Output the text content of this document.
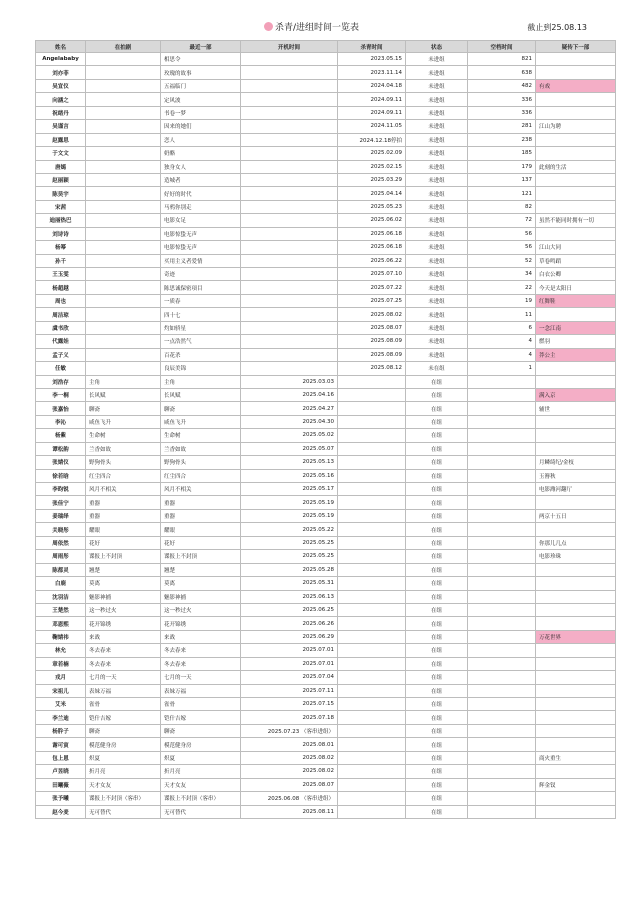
杀青/进组时间一览表	截止到25.08.13
姓名	在拍剧	最近一部	开机时间	杀青时间	状态	空档时间	疑传下一部
Angelababy		相思令		2023.05.15	未进组	821	
刘亦菲		玫瑰的故事		2023.11.14	未进组	638	
吴宣仪		五福临门		2024.04.18	未进组	482	有戏
向涵之		定风波		2024.09.11	未进组	336	
祝绪丹		书卷一梦		2024.09.11	未进组	336	
吴谨言		因来的她们		2024.11.05	未进组	281	江山为聘
赵露思		恋人		2024.12.18停拍	未进组	238	
于文文		奶酪		2025.02.09	未进组	185	
唐嫣		独身女人		2025.02.15	未进组	179	此刻的生活
赵丽颖		造城者		2025.03.29	未进组	137	
陈昊宇		好好的时代		2025.04.14	未进组	121	
宋茜		马鸦你别走		2025.05.23	未进组	82	
迪丽热巴		电影女足		2025.06.02	未进组	72	虽然不能同时拥有一切
刘诗诗		电影惊蛰无声		2025.06.18	未进组	56	
杨幂		电影惊蛰无声		2025.06.18	未进组	56	江山大同
孙千		买用主义者爱情		2025.06.22	未进组	52	草卷鸣蹈
王玉雯		奇迹		2025.07.10	未进组	34	白衣公卿
杨超越		陈思诚保密项目		2025.07.22	未进组	22	今天是太阳日
周也		一质春		2025.07.25	未进组	19	红舞鞋
周洁琼		四十七		2025.08.02	未进组	11	
虞书欣		灼如骄星		2025.08.07	未进组	6	一念江南
代露娃		一点浩然气		2025.08.09	未进组	4	燃羽
孟子义		百花杀		2025.08.09	未进组	4	莽公主
任敏		良辰美锦		2025.08.12	未在组	1	
刘浩存	主角	主角	2025.03.03		在组		
李一桐	长风赋	长风赋	2025.04.16		在组		满入京
张嘉怡	聊斋	聊斋	2025.04.27		在组		辅世
李沁	咸鱼飞升	咸鱼飞升	2025.04.30		在组		
杨紫	生命树	生命树	2025.05.02		在组		
谭松韵	兰香如故	兰香如故	2025.05.07		在组		
张婧仪	野狗骨头	野狗骨头	2025.05.13		在组		月鳞绮纪/金枝
徐若晗	红尘四合	红尘四合	2025.05.16		在组		玉簪秋
李昀锐	风月不相关	风月不相关	2025.05.17		在组		电影潍河翻厅
张佳宁	重器	重器	2025.05.19		在组		
姜瑞绎	重器	重器	2025.05.19		在组		两京十五日
关晓彤	耀眼	耀眼	2025.05.22		在组		
周依然	花好	花好	2025.05.25		在组		你那儿几点
周雨彤	谍报上不封顶	谍报上不封顶	2025.05.25		在组		电影珍珠
陈都灵	翘楚	翘楚	2025.05.28		在组		
白鹿	莫离	莫离	2025.05.31		在组		
沈羽洁	魅影神捕	魅影神捕	2025.06.13		在组		
王楚然	这一秒过火	这一秒过火	2025.06.25		在组		
邓恩熙	花开锦绣	花开锦绣	2025.06.26		在组		
鞠婧祎	来战	来战	2025.06.29		在组		万花世界
林允	冬去春来	冬去春来	2025.07.01		在组		
章若楠	冬去春来	冬去春来	2025.07.01		在组		
戎月	七月的一天	七月的一天	2025.07.04		在组		
宋祖儿	表妹万福	表妹万福	2025.07.11		在组		
艾米	雀骨	雀骨	2025.07.15		在组		
李兰迪	铠什吉嫁	铠什吉嫁	2025.07.18		在组		
杨肸子	聊斋	聊斋	2025.07.23 （客串进组）		在组		
谢可寅	模范健身房	模范健身房	2025.08.01		在组		
包上恩	炽夏	炽夏	2025.08.02		在组		商火重生
卢昱晓	折月亮	折月亮	2025.08.02		在组		
田曦薇	天才女友	天才女友	2025.08.07		在组		辉金钗
张予曦	谍报上不封顶（客串）	谍报上不封顶（客串）	2025.06.08 （客串进组）		在组		
赵今麦	无可替代	无可替代	2025.08.11		在组		
